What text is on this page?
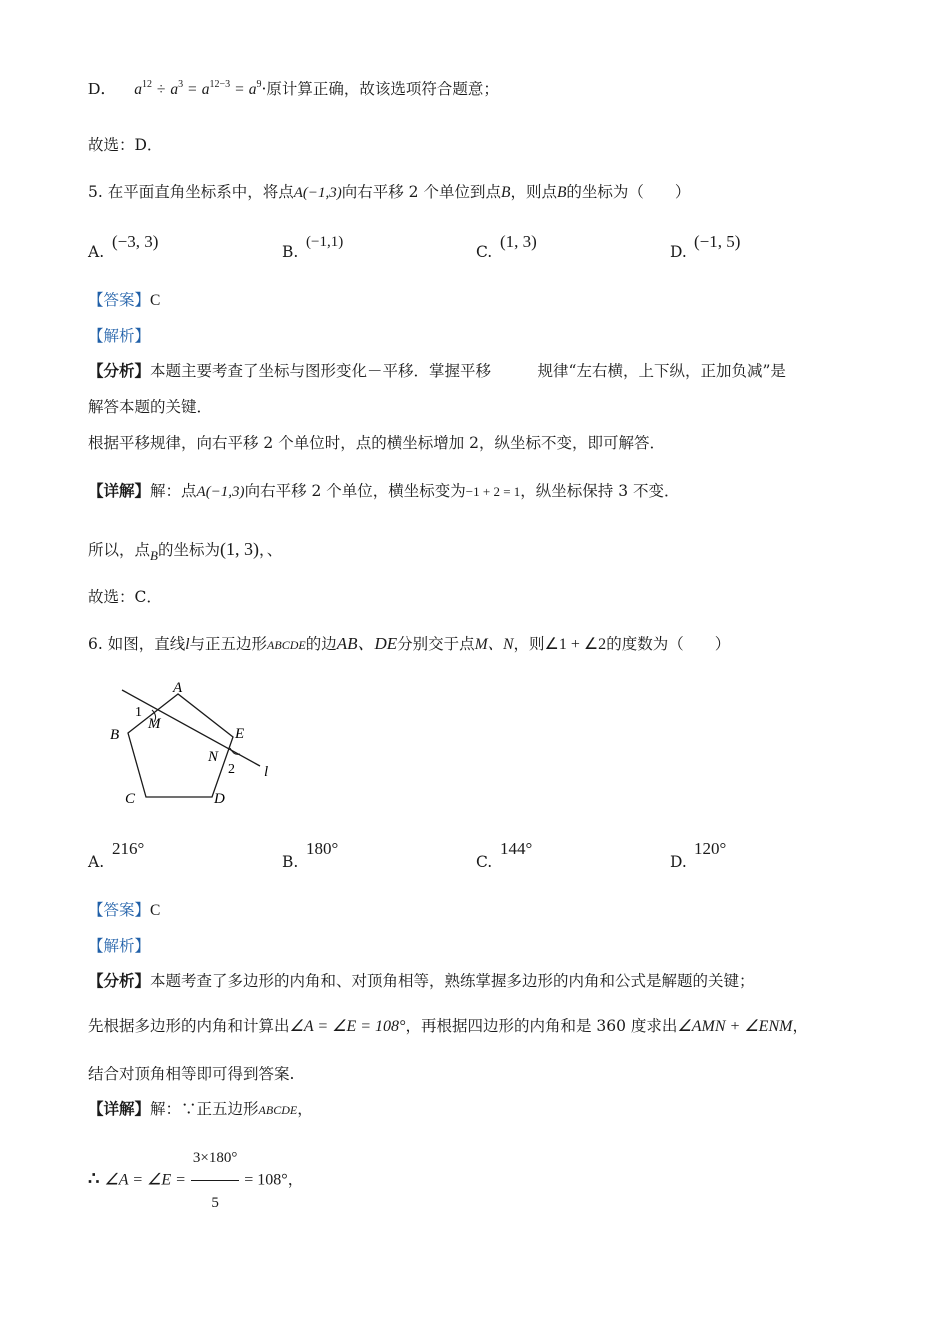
D． $a^{12} \div a^3 = a^{12-3} = a^9\cdot$原计算正确，故该选项符合题意；
故选：D．
5. 在平面直角坐标系中，将点A(−1,3)向右平移 2 个单位到点B，则点B的坐标为（　　）
A.
(−3, 3)
B.
(−1,1)
C.
(1, 3)
D.
(−1, 5)
【答案】C
【解析】
【分析】本题主要考查了坐标与图形变化－平移．掌握平移　　　规律“左右横，上下纵，正加负减”是
解答本题的关键．
根据平移规律，向右平移 2 个单位时，点的横坐标增加 2，纵坐标不变，即可解答．
【详解】解：点A(−1,3)向右平移 2 个单位，横坐标变为−1 + 2 = 1，纵坐标保持 3 不变．
所以，点$_B$的坐标为(1, 3)，、
故选：C．
6. 如图，直线l与正五边形ABCDE的边AB、DE分别交于点M、N，则∠1 + ∠2的度数为（　　）
A
B
C	D
E
M
N
1
2 l
A.
216°
B.
180°
C.
144°
D.
120°
【答案】C
【解析】
【分析】本题考查了多边形的内角和、对顶角相等，熟练掌握多边形的内角和公式是解题的关键；
先根据多边形的内角和计算出∠A = ∠E = 108°，再根据四边形的内角和是 360 度求出∠AMN + ∠ENM，
结合对顶角相等即可得到答案.
【详解】解：∵正五边形ABCDE，
∴ ∠A = ∠E = $\frac{3\times 180^\circ}{5} = 108^\circ$，
